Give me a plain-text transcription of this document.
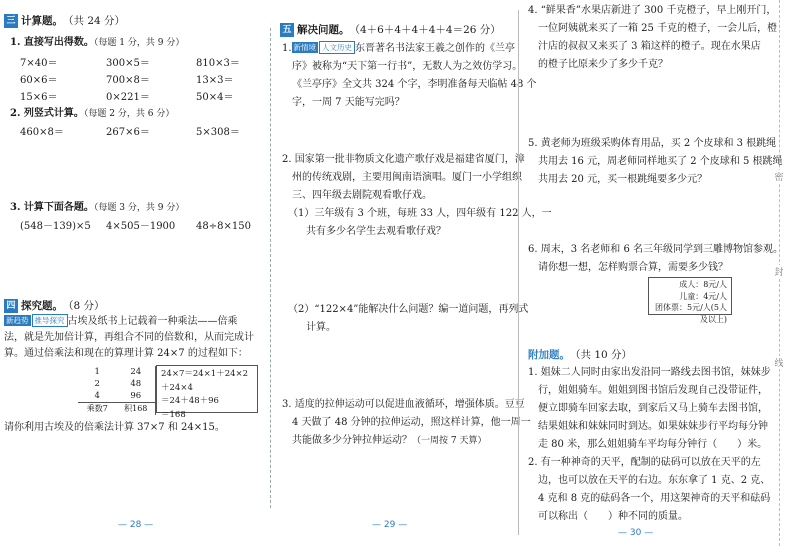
三 计算题。 （共 24 分）
1. 直接写出得数。（每题 1 分，共 9 分）
7×40＝	300×5＝	810×3＝
60×6＝	700×8＝	13×3＝
15×6＝	0×221＝	50×4＝
2. 列竖式计算。（每题 2 分，共 6 分）
460×8＝	267×6＝	5×308＝
3. 计算下面各题。（每题 3 分，共 9 分）
(548－139)×5 4×505－1900 48÷8×150
四 探究题。 （8 分）
新趋势 推导探究 古埃及纸书上记载着一种乘法——倍乘
法，就是先加倍计算，再组合不同的倍数和，从而完成计
算。通过倍乘法和现在的算理计算 24×7 的过程如下：
1	24
2	48
4	96
乘数7	积168
24×7＝24×1＋24×2＋24×4
＝24＋48＋96
＝168
请你利用古埃及的倍乘法计算 37×7 和 24×15。
— 28 —
五 解决问题。 （4＋6＋4＋4＋4＋4＝26 分）
1. 新情境 人文历史 东晋著名书法家王羲之创作的《兰亭
序》被称为“天下第一行书”，无数人为之效仿学习。
《兰亭序》全文共 324 个字，李明准备每天临帖 48 个
字，一周 7 天能写完吗？
2. 国家第一批非物质文化遗产歌仔戏是福建省厦门，漳
州的传统戏剧，主要用闽南语演唱。厦门一小学组织
三、四年级去剧院观看歌仔戏。
（1）三年级有 3 个班，每班 33 人，四年级有 122 人，一
共有多少名学生去观看歌仔戏？
（2）“122×4”能解决什么问题？编一道问题，再列式
计算。
3. 适度的拉伸运动可以促进血液循环，增强体质。豆豆
4 天做了 48 分钟的拉伸运动，照这样计算，他一周一
共能做多少分钟拉伸运动？（一周按 7 天算）
— 29 —
4. “鲜果香”水果店新进了 300 千克橙子，早上刚开门，
一位阿姨就来买了一箱 25 千克的橙子，一会儿后，橙
汁店的叔叔又来买了 3 箱这样的橙子。现在水果店
的橙子比原来少了多少千克？
5. 黄老师为班级采购体育用品，买 2 个皮球和 3 根跳绳
共用去 16 元，周老师同样地买了 2 个皮球和 5 根跳绳
共用去 20 元，买一根跳绳要多少元？
6. 周末，3 名老师和 6 名三年级同学到三雕博物馆参观。
请你想一想，怎样购票合算，需要多少钱？
附加题。 （共 10 分）
1. 姐妹二人同时由家出发沿同一路线去图书馆，妹妹步
行，姐姐骑车。姐姐到图书馆后发现自己没带证件，
便立即骑车回家去取，到家后又马上骑车去图书馆，
结果姐妹和妹妹同时到达。如果妹妹步行平均每分钟
走 80 米，那么姐姐骑车平均每分钟行（　　）米。
2. 有一种神奇的天平，配制的砝码可以放在天平的左
边，也可以放在天平的右边。东东拿了 1 克、2 克、
4 克和 8 克的砝码各一个，用这架神奇的天平和砝码
可以称出（　　）种不同的质量。
— 30 —
成人：8元/人
儿童：4元/人
团体票：5元/人(5人及以上)
密
封
线
